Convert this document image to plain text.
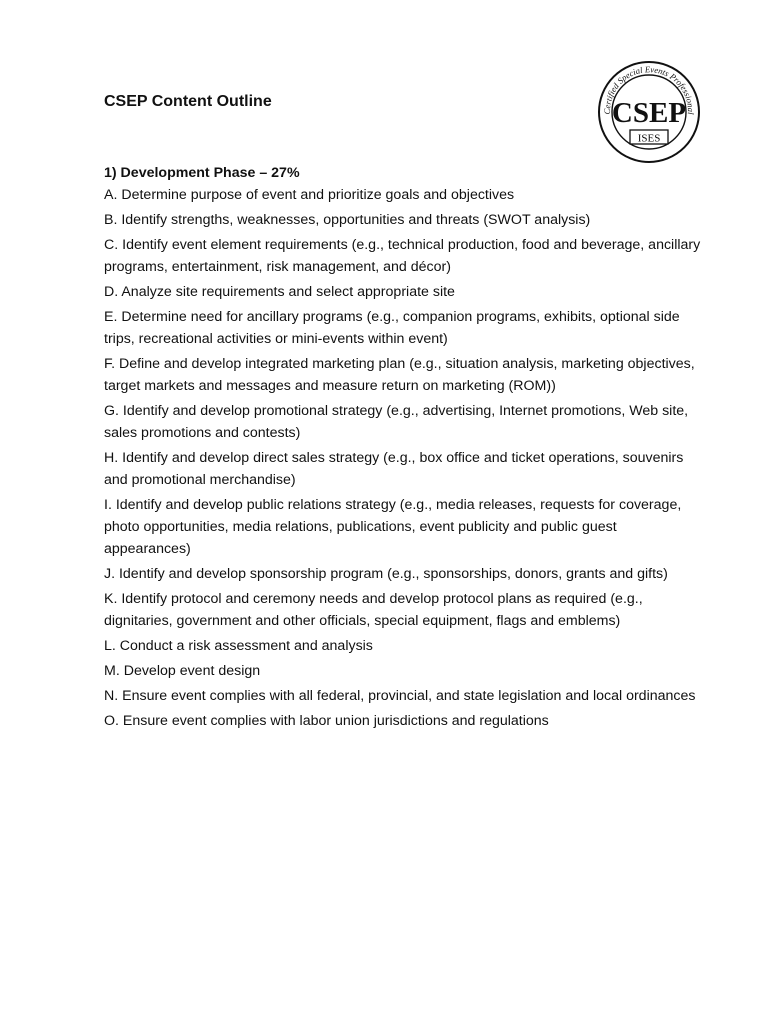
CSEP Content Outline
Certified Special Events Professional
CSEP
ISES

1) Development Phase – 27%

A. Determine purpose of event and prioritize goals and objectives

B. Identify strengths, weaknesses, opportunities and threats (SWOT analysis)

C. Identify event element requirements (e.g., technical production, food and beverage, ancillary programs, entertainment, risk management, and décor)

D. Analyze site requirements and select appropriate site

E. Determine need for ancillary programs (e.g., companion programs, exhibits, optional side trips, recreational activities or mini-events within event)

F. Define and develop integrated marketing plan (e.g., situation analysis, marketing objectives, target markets and messages and measure return on marketing (ROM))

G. Identify and develop promotional strategy (e.g., advertising, Internet promotions, Web site, sales promotions and contests)

H. Identify and develop direct sales strategy (e.g., box office and ticket operations, souvenirs and promotional merchandise)

I. Identify and develop public relations strategy (e.g., media releases, requests for coverage, photo opportunities, media relations, publications, event publicity and public guest appearances)

J. Identify and develop sponsorship program (e.g., sponsorships, donors, grants and gifts)

K. Identify protocol and ceremony needs and develop protocol plans as required (e.g., dignitaries, government and other officials, special equipment, flags and emblems)

L. Conduct a risk assessment and analysis

M. Develop event design

N. Ensure event complies with all federal, provincial, and state legislation and local ordinances

O. Ensure event complies with labor union jurisdictions and regulations
